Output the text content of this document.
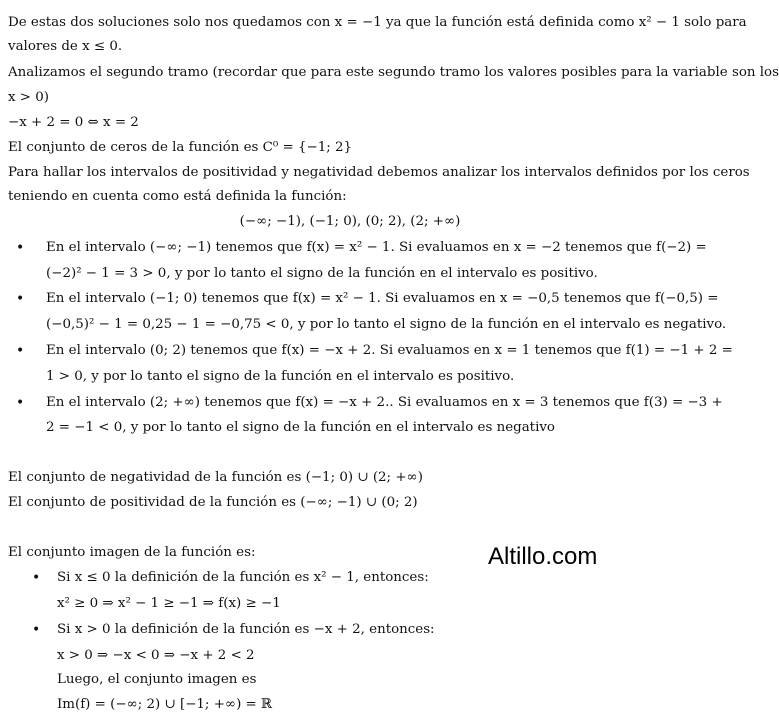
De estas dos soluciones solo nos quedamos con x = −1 ya que la función está definida como x² − 1 solo para
valores de x ≤ 0.
Analizamos el segundo tramo (recordar que para este segundo tramo los valores posibles para la variable son los
x > 0)
−x + 2 = 0 ⇔ x = 2
El conjunto de ceros de la función es C⁰ = {−1; 2}
Para hallar los intervalos de positividad y negatividad debemos analizar los intervalos definidos por los ceros
teniendo en cuenta como está definida la función:
(−∞; −1), (−1; 0), (0; 2), (2; +∞)
• En el intervalo (−∞; −1) tenemos que f(x) = x² − 1. Si evaluamos en x = −2 tenemos que f(−2) =
(−2)² − 1 = 3 > 0, y por lo tanto el signo de la función en el intervalo es positivo.
• En el intervalo (−1; 0) tenemos que f(x) = x² − 1. Si evaluamos en x = −0,5 tenemos que f(−0,5) =
(−0,5)² − 1 = 0,25 − 1 = −0,75 < 0, y por lo tanto el signo de la función en el intervalo es negativo.
• En el intervalo (0; 2) tenemos que f(x) = −x + 2. Si evaluamos en x = 1 tenemos que f(1) = −1 + 2 =
1 > 0, y por lo tanto el signo de la función en el intervalo es positivo.
• En el intervalo (2; +∞) tenemos que f(x) = −x + 2.. Si evaluamos en x = 3 tenemos que f(3) = −3 +
2 = −1 < 0, y por lo tanto el signo de la función en el intervalo es negativo
El conjunto de negatividad de la función es (−1; 0) ∪ (2; +∞)
El conjunto de positividad de la función es (−∞; −1) ∪ (0; 2)
El conjunto imagen de la función es:	Altillo.com
• Si x ≤ 0 la definición de la función es x² − 1, entonces:
x² ≥ 0 ⇒ x² − 1 ≥ −1 ⇒ f(x) ≥ −1
• Si x > 0 la definición de la función es −x + 2, entonces:
x > 0 ⇒ −x < 0 ⇒ −x + 2 < 2
Luego, el conjunto imagen es
Im(f) = (−∞; 2) ∪ [−1; +∞) = ℝ
